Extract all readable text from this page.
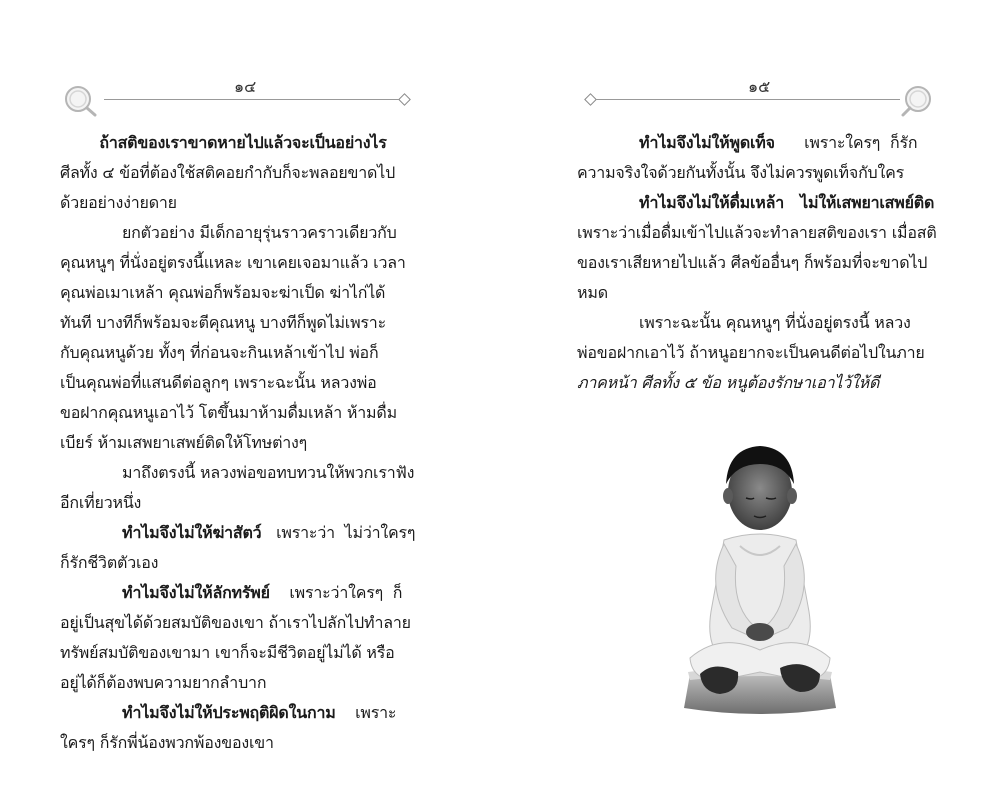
๑๔
ถ้าสติของเราขาดหายไปแล้วจะเป็นอย่างไร
ศีลทั้ง ๔ ข้อที่ต้องใช้สติคอยกำกับก็จะพลอยขาดไป
ด้วยอย่างง่ายดาย
ยกตัวอย่าง มีเด็กอายุรุ่นราวคราวเดียวกับ
คุณหนูๆ ที่นั่งอยู่ตรงนี้แหละ เขาเคยเจอมาแล้ว เวลา
คุณพ่อเมาเหล้า คุณพ่อก็พร้อมจะฆ่าเป็ด ฆ่าไก่ได้
ทันที บางทีก็พร้อมจะตีคุณหนู บางทีก็พูดไม่เพราะ
กับคุณหนูด้วย ทั้งๆ ที่ก่อนจะกินเหล้าเข้าไป พ่อก็
เป็นคุณพ่อที่แสนดีต่อลูกๆ เพราะฉะนั้น หลวงพ่อ
ขอฝากคุณหนูเอาไว้ โตขึ้นมาห้ามดื่มเหล้า ห้ามดื่ม
เบียร์ ห้ามเสพยาเสพย์ติดให้โทษต่างๆ
มาถึงตรงนี้ หลวงพ่อขอทบทวนให้พวกเราฟัง
อีกเที่ยวหนึ่ง
ทำไมจึงไม่ให้ฆ่าสัตว์   เพราะว่า  ไม่ว่าใครๆ
ก็รักชีวิตตัวเอง
ทำไมจึงไม่ให้ลักทรัพย์    เพราะว่าใครๆ  ก็
อยู่เป็นสุขได้ด้วยสมบัติของเขา ถ้าเราไปลักไปทำลาย
ทรัพย์สมบัติของเขามา เขาก็จะมีชีวิตอยู่ไม่ได้ หรือ
อยู่ได้ก็ต้องพบความยากลำบาก
ทำไมจึงไม่ให้ประพฤติผิดในกาม    เพราะ
ใครๆ ก็รักพี่น้องพวกพ้องของเขา
๑๕
ทำไมจึงไม่ให้พูดเท็จ      เพราะใครๆ  ก็รัก
ความจริงใจด้วยกันทั้งนั้น จึงไม่ควรพูดเท็จกับใคร
ทำไมจึงไม่ให้ดื่มเหล้า   ไม่ให้เสพยาเสพย์ติด
เพราะว่าเมื่อดื่มเข้าไปแล้วจะทำลายสติของเรา เมื่อสติ
ของเราเสียหายไปแล้ว ศีลข้ออื่นๆ ก็พร้อมที่จะขาดไป
หมด
เพราะฉะนั้น คุณหนูๆ ที่นั่งอยู่ตรงนี้ หลวง
พ่อขอฝากเอาไว้ ถ้าหนูอยากจะเป็นคนดีต่อไปในภาย
ภาคหน้า ศีลทั้ง ๕ ข้อ หนูต้องรักษาเอาไว้ให้ดี
